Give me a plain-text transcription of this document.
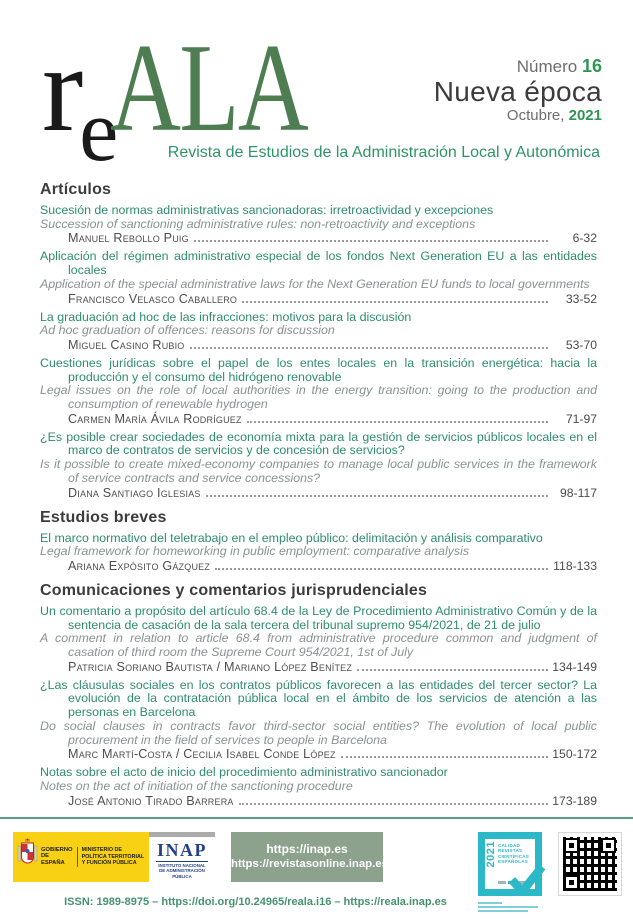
reALA	Número 16
Nueva época
Octubre, 2021
Revista de Estudios de la Administración Local y Autonómica
Artículos
Sucesión de normas administrativas sancionadoras: irretroactividad y excepciones
Succession of sanctioning administrative rules: non-retroactivity and exceptions
Manuel Rebollo Puig	6-32
Aplicación del régimen administrativo especial de los fondos Next Generation EU a las entidades locales
Application of the special administrative laws for the Next Generation EU funds to local governments
Francisco Velasco Caballero	33-52
La graduación ad hoc de las infracciones: motivos para la discusión
Ad hoc graduation of offences: reasons for discussion
Miguel Casino Rubio	53-70
Cuestiones jurídicas sobre el papel de los entes locales en la transición energética: hacia la producción y el consumo del hidrógeno renovable
Legal issues on the role of local authorities in the energy transition: going to the production and consumption of renewable hydrogen
Carmen María Ávila Rodríguez	71-97
¿Es posible crear sociedades de economía mixta para la gestión de servicios públicos locales en el marco de contratos de servicios y de concesión de servicios?
Is it possible to create mixed-economy companies to manage local public services in the framework of service contracts and service concessions?
Diana Santiago Iglesias	98-117
Estudios breves
El marco normativo del teletrabajo en el empleo público: delimitación y análisis comparativo
Legal framework for homeworking in public employment: comparative analysis
Ariana Expósito Gázquez	118-133
Comunicaciones y comentarios jurisprudenciales
Un comentario a propósito del artículo 68.4 de la Ley de Procedimiento Administrativo Común y de la sentencia de casación de la sala tercera del tribunal supremo 954/2021, de 21 de julio
A comment in relation to article 68.4 from administrative procedure common and judgment of casation of third room the Supreme Court 954/2021, 1st of July
Patricia Soriano Bautista / Mariano López Benítez	134-149
¿Las cláusulas sociales en los contratos públicos favorecen a las entidades del tercer sector? La evolución de la contratación pública local en el ámbito de los servicios de atención a las personas en Barcelona
Do social clauses in contracts favor third-sector social entities? The evolution of local public procurement in the field of services to people in Barcelona
Marc Martí-Costa / Cecilia Isabel Conde López	150-172
Notas sobre el acto de inicio del procedimiento administrativo sancionador
Notes on the act of initiation of the sanctioning procedure
José Antonio Tirado Barrera	173-189
GOBIERNO DE ESPAÑA
MINISTERIO DE POLÍTICA TERRITORIAL Y FUNCIÓN PÚBLICA
INAP
INSTITUTO NACIONAL DE ADMINISTRACIÓN PÚBLICA
https://inap.es
https://revistasonline.inap.es
ISSN: 1989-8975 – https://doi.org/10.24965/reala.i16 – https://reala.inap.es
2021 CALIDAD REVISTAS CIENTÍFICAS ESPAÑOLAS
